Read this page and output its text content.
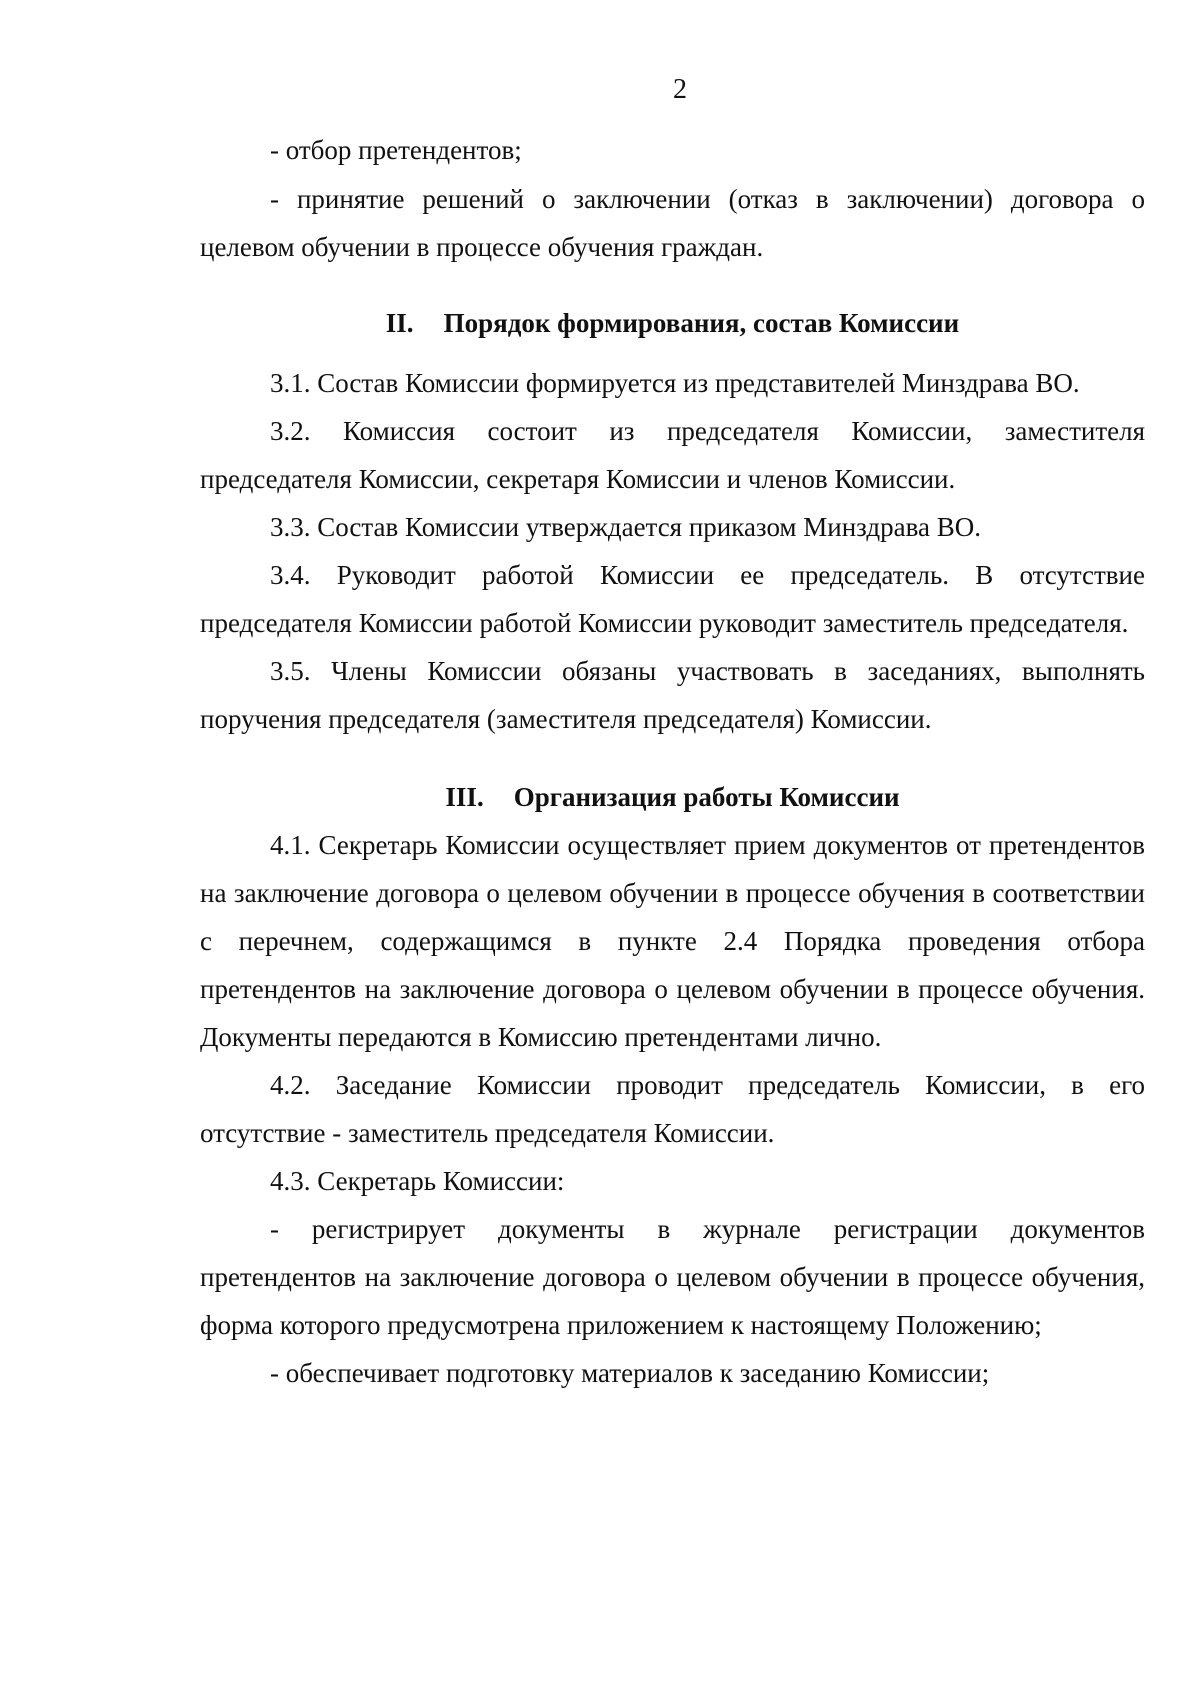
2

- отбор претендентов;

- принятие решений о заключении (отказ в заключении) договора о целевом обучении в процессе обучения граждан.

II. Порядок формирования, состав Комиссии

3.1. Состав Комиссии формируется из представителей Минздрава ВО.

3.2. Комиссия состоит из председателя Комиссии, заместителя председателя Комиссии, секретаря Комиссии и членов Комиссии.

3.3. Состав Комиссии утверждается приказом Минздрава ВО.

3.4. Руководит работой Комиссии ее председатель. В отсутствие председателя Комиссии работой Комиссии руководит заместитель председателя.

3.5. Члены Комиссии обязаны участвовать в заседаниях, выполнять поручения председателя (заместителя председателя) Комиссии.

III. Организация работы Комиссии

4.1. Секретарь Комиссии осуществляет прием документов от претендентов на заключение договора о целевом обучении в процессе обучения в соответствии с перечнем, содержащимся в пункте 2.4 Порядка проведения отбора претендентов на заключение договора о целевом обучении в процессе обучения. Документы передаются в Комиссию претендентами лично.

4.2. Заседание Комиссии проводит председатель Комиссии, в его отсутствие - заместитель председателя Комиссии.

4.3. Секретарь Комиссии:

- регистрирует документы в журнале регистрации документов претендентов на заключение договора о целевом обучении в процессе обучения, форма которого предусмотрена приложением к настоящему Положению;

- обеспечивает подготовку материалов к заседанию Комиссии;
